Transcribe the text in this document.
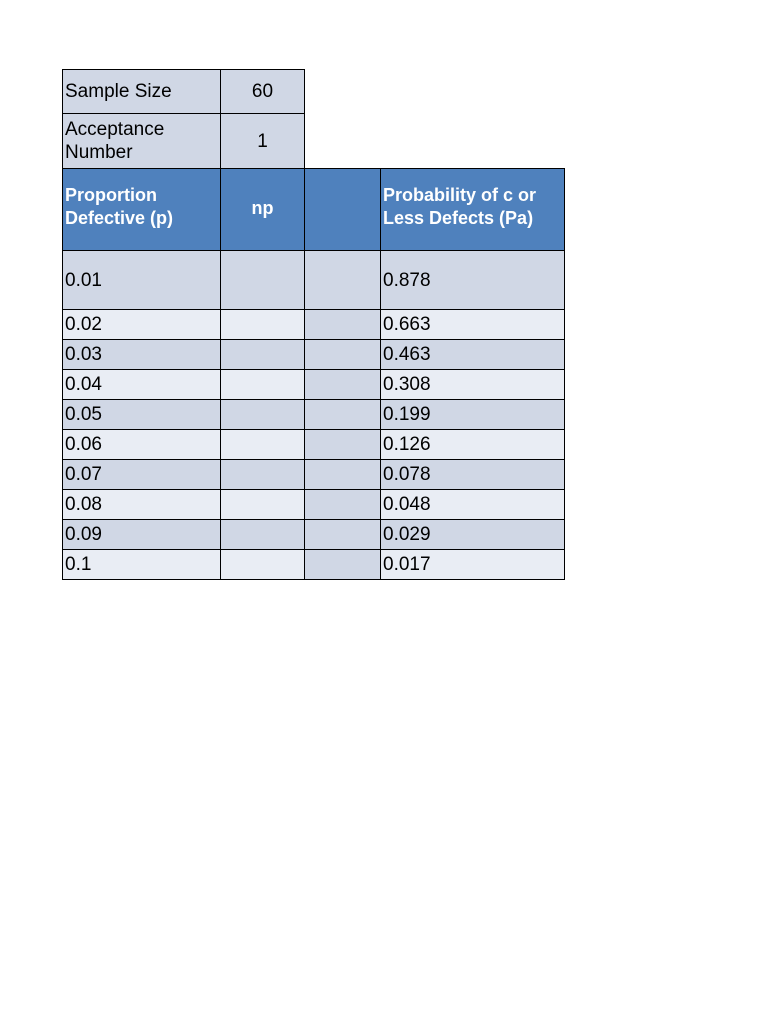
Sample Size	60		
Acceptance
Number	1		
Proportion
Defective (p)	np		Probability of c or
Less Defects (Pa)
0.01			0.878
0.02			0.663
0.03			0.463
0.04			0.308
0.05			0.199
0.06			0.126
0.07			0.078
0.08			0.048
0.09			0.029
0.1			0.017
